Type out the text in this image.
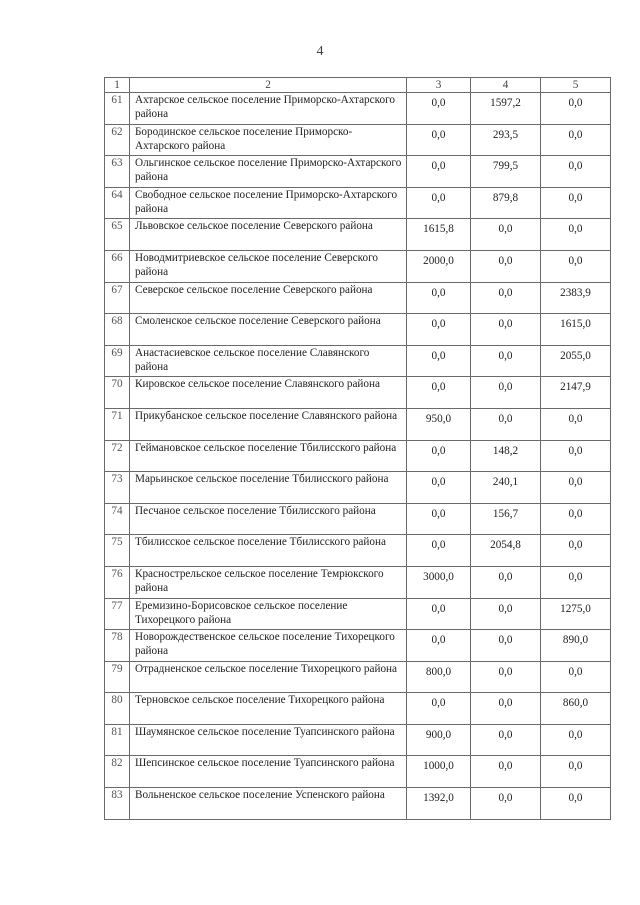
4
1	2	3	4	5
61	Ахтарское сельское поселение Приморско-Ахтарского района	0,0	1597,2	0,0
62	Бородинское сельское поселение Приморско-Ахтарского района	0,0	293,5	0,0
63	Ольгинское сельское поселение Приморско-Ахтарского района	0,0	799,5	0,0
64	Свободное сельское поселение Приморско-Ахтарского района	0,0	879,8	0,0
65	Львовское сельское поселение Северского района	1615,8	0,0	0,0
66	Новодмитриевское сельское поселение Северского района	2000,0	0,0	0,0
67	Северское сельское поселение Северского района	0,0	0,0	2383,9
68	Смоленское сельское поселение Северского района	0,0	0,0	1615,0
69	Анастасиевское сельское поселение Славянского района	0,0	0,0	2055,0
70	Кировское сельское поселение Славянского района	0,0	0,0	2147,9
71	Прикубанское сельское поселение Славянского района	950,0	0,0	0,0
72	Геймановское сельское поселение Тбилисского района	0,0	148,2	0,0
73	Марьинское сельское поселение Тбилисского района	0,0	240,1	0,0
74	Песчаное сельское поселение Тбилисского района	0,0	156,7	0,0
75	Тбилисское сельское поселение Тбилисского района	0,0	2054,8	0,0
76	Краснострельское сельское поселение Темрюкского района	3000,0	0,0	0,0
77	Еремизино-Борисовское сельское поселение Тихорецкого района	0,0	0,0	1275,0
78	Новорождественское сельское поселение Тихорецкого района	0,0	0,0	890,0
79	Отрадненское сельское поселение Тихорецкого района	800,0	0,0	0,0
80	Терновское сельское поселение Тихорецкого района	0,0	0,0	860,0
81	Шаумянское сельское поселение Туапсинского района	900,0	0,0	0,0
82	Шепсинское сельское поселение Туапсинского района	1000,0	0,0	0,0
83	Вольненское сельское поселение Успенского района	1392,0	0,0	0,0
